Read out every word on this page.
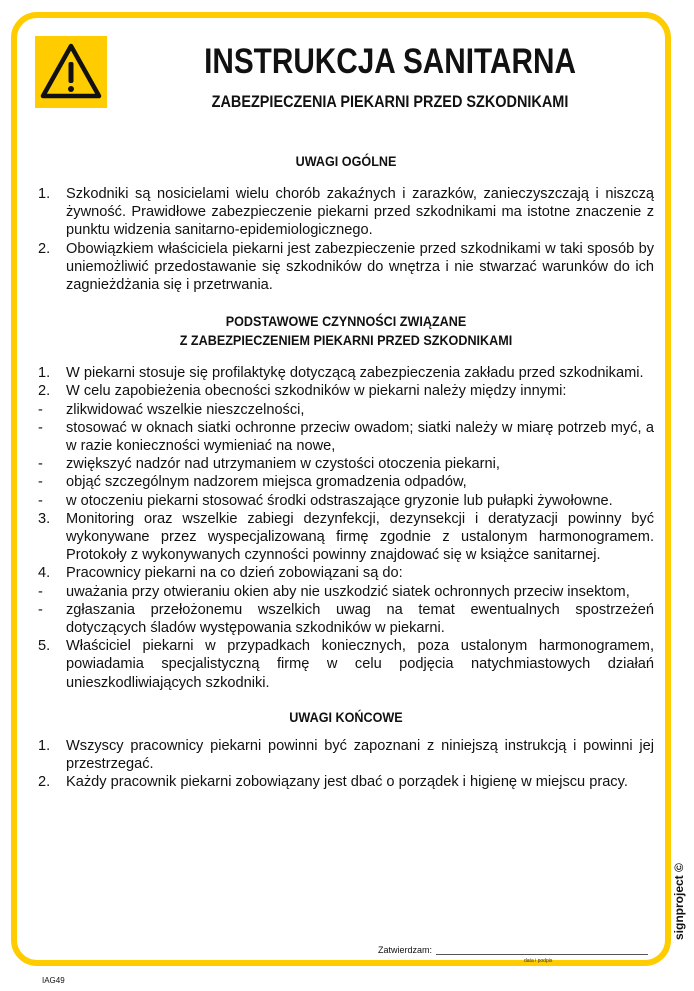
INSTRUKCJA SANITARNA
ZABEZPIECZENIA PIEKARNI PRZED SZKODNIKAMI
UWAGI OGÓLNE
1.	Szkodniki są nosicielami wielu chorób zakaźnych i zarazków, zanieczyszczają i niszczą żywność. Prawidłowe zabezpieczenie piekarni przed szkodnikami ma istotne znaczenie z punktu widzenia sanitarno-epidemiologicznego.
2.	Obowiązkiem właściciela piekarni jest zabezpieczenie przed szkodnikami w taki sposób by uniemożliwić przedostawanie się szkodników do wnętrza i nie stwarzać warunków do ich zagnieżdżania się i przetrwania.
PODSTAWOWE CZYNNOŚCI ZWIĄZANE
Z ZABEZPIECZENIEM PIEKARNI PRZED SZKODNIKAMI
1.	W piekarni stosuje się profilaktykę dotyczącą zabezpieczenia zakładu przed szkodnikami.
2.	W celu zapobieżenia obecności szkodników w piekarni należy między innymi:
-	zlikwidować wszelkie nieszczelności,
-	stosować w oknach siatki ochronne przeciw owadom; siatki należy w miarę potrzeb myć, a w razie konieczności wymieniać na nowe,
-	zwiększyć nadzór nad utrzymaniem w czystości otoczenia piekarni,
-	objąć szczególnym nadzorem miejsca gromadzenia odpadów,
-	w otoczeniu piekarni stosować środki odstraszające gryzonie lub pułapki żywołowne.
3.	Monitoring oraz wszelkie zabiegi dezynfekcji, dezynsekcji i deratyzacji powinny być wykonywane przez wyspecjalizowaną firmę zgodnie z ustalonym harmonogramem. Protokoły z wykonywanych czynności powinny znajdować się w książce sanitarnej.
4.	Pracownicy piekarni na co dzień zobowiązani są do:
-	uważania przy otwieraniu okien aby nie uszkodzić siatek ochronnych przeciw insektom,
-	zgłaszania przełożonemu wszelkich uwag na temat ewentualnych spostrzeżeń dotyczących śladów występowania szkodników w piekarni.
5.	Właściciel piekarni w przypadkach koniecznych, poza ustalonym harmonogramem, powiadamia specjalistyczną firmę w celu podjęcia natychmiastowych działań unieszkodliwiających szkodniki.
UWAGI KOŃCOWE
1.	Wszyscy pracownicy piekarni powinni być zapoznani z niniejszą instrukcją i powinni jej przestrzegać.
2.	Każdy pracownik piekarni zobowiązany jest dbać o porządek i higienę w miejscu pracy.
Zatwierdzam:
data i podpis
IAG49
signproject ©
